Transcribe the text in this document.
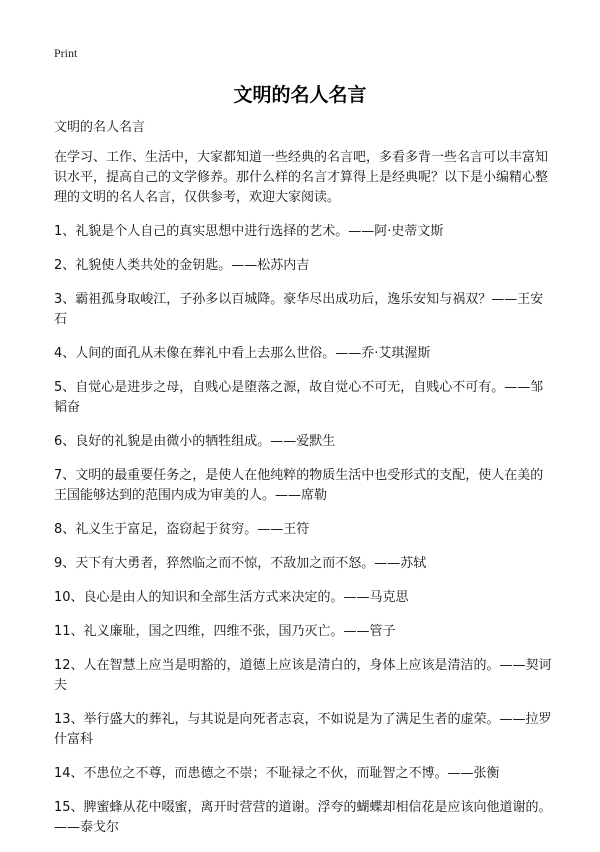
Print
文明的名人名言

文明的名人名言

在学习、工作、生活中，大家都知道一些经典的名言吧，多看多背一些名言可以丰富知识水平，提高自己的文学修养。那什么样的名言才算得上是经典呢？以下是小编精心整理的文明的名人名言，仅供参考，欢迎大家阅读。

1、礼貌是个人自己的真实思想中进行选择的艺术。——阿·史蒂文斯

2、礼貌使人类共处的金钥匙。——松苏内吉

3、霸祖孤身取峻江，子孙多以百城降。豪华尽出成功后，逸乐安知与祸双？——王安石

4、人间的面孔从未像在葬礼中看上去那么世俗。——乔·艾琪渥斯

5、自觉心是进步之母，自贱心是堕落之源，故自觉心不可无，自贱心不可有。——邹韬奋

6、良好的礼貌是由微小的牺牲组成。——爱默生

7、文明的最重要任务之，是使人在他纯粹的物质生活中也受形式的支配，使人在美的王国能够达到的范围内成为审美的人。——席勒

8、礼义生于富足，盗窃起于贫穷。——王符

9、天下有大勇者，猝然临之而不惊，不敌加之而不怒。——苏轼

10、良心是由人的知识和全部生活方式来决定的。——马克思

11、礼义廉耻，国之四维，四维不张，国乃灭亡。——管子

12、人在智慧上应当是明豁的，道德上应该是清白的，身体上应该是清洁的。——契诃夫

13、举行盛大的葬礼，与其说是向死者志哀，不如说是为了满足生者的虚荣。——拉罗什富科

14、不患位之不尊，而患德之不崇；不耻禄之不伙，而耻智之不博。——张衡

15、脾蜜蜂从花中啜蜜，离开时营营的道谢。浮夸的蝴蝶却相信花是应该向他道谢的。——泰戈尔
